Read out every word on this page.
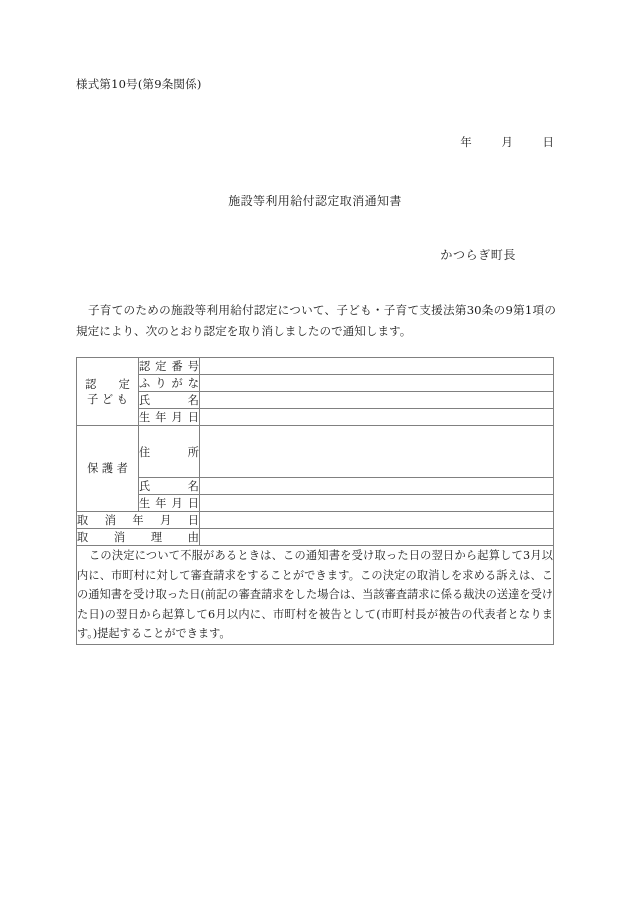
様式第10号(第9条関係)
年	月	日
施設等利用給付認定取消通知書
かつらぎ町長
子育てのための施設等利用給付認定について、子ども・子育て支援法第30条の9第1項の規定により、次のとおり認定を取り消しましたので通知します。
認　　定
子 ど も	認 定 番 号	

	ふ り が な	

	氏 名	

	生 年 月 日	

保 護 者	住 所	

	氏 名	

	生 年 月 日	

取 消 年 月 日		

取 消 理 由		

この決定について不服があるときは、この通知書を受け取った日の翌日から起算して3月以内に、市町村に対して審査請求をすることができます。この決定の取消しを求める訴えは、この通知書を受け取った日(前記の審査請求をした場合は、当該審査請求に係る裁決の送達を受けた日)の翌日から起算して6月以内に、市町村を被告として(市町村長が被告の代表者となります。)提起することができます。		
